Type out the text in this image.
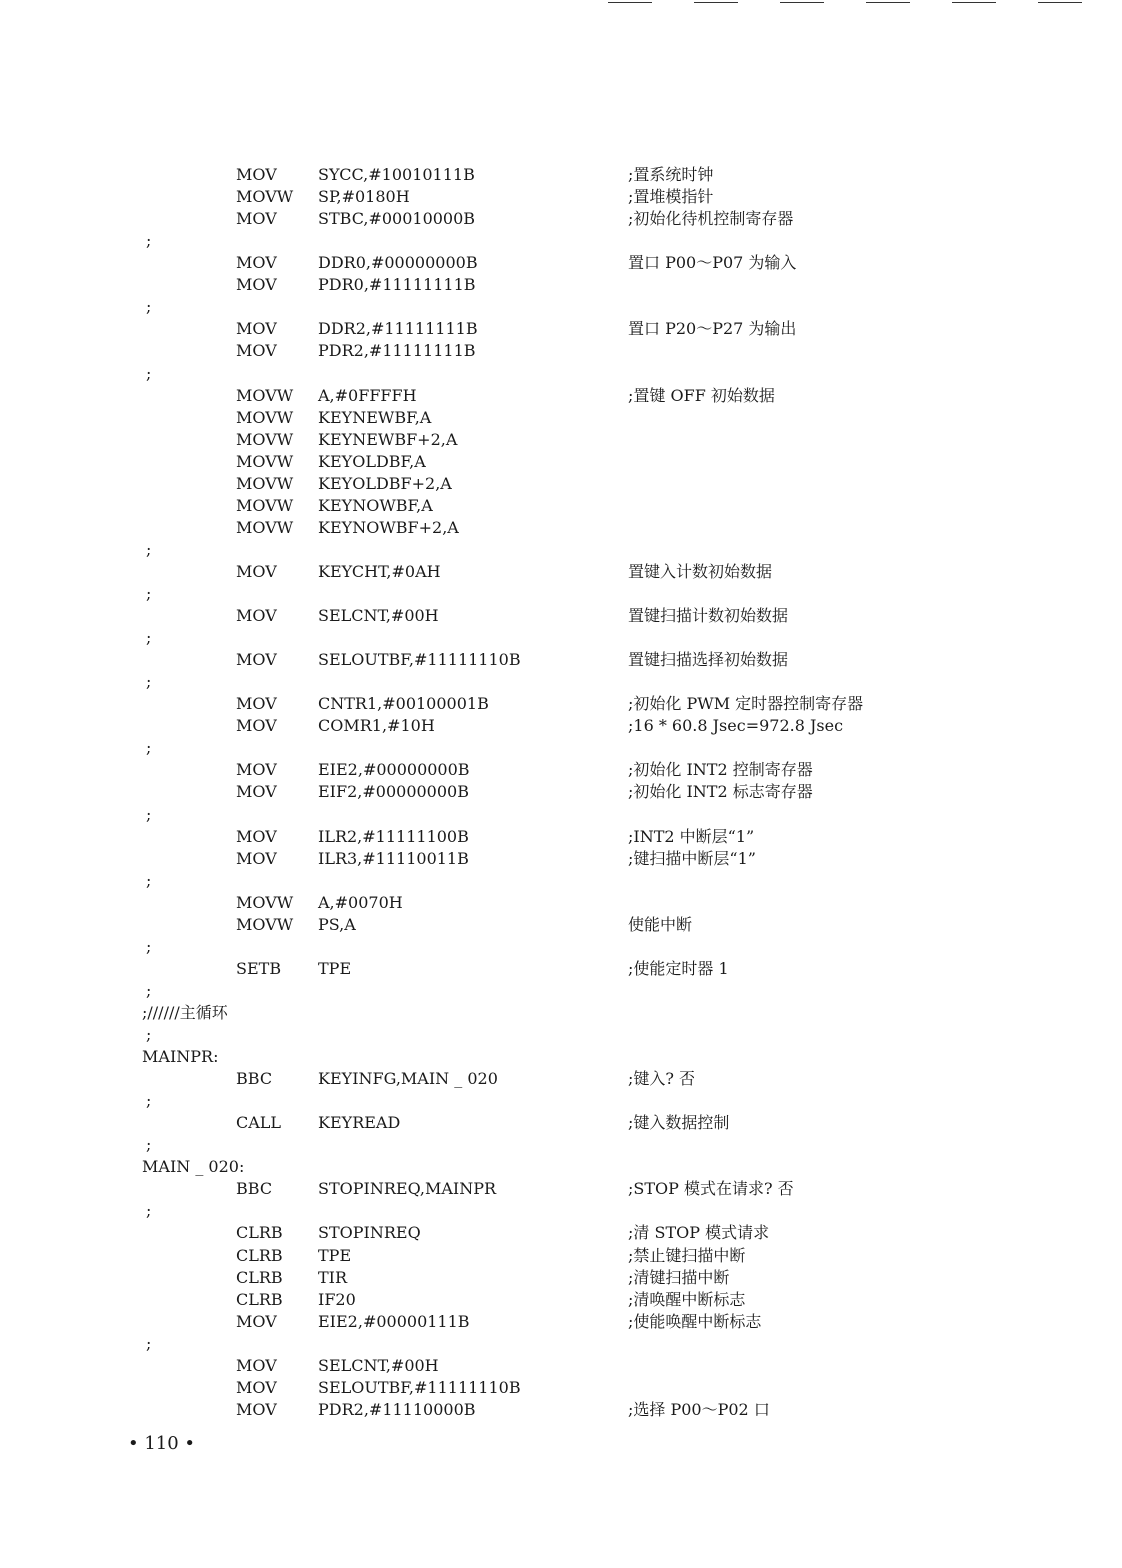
MOV	SYCC,#10010111B	;置系统时钟
MOVW SP,#0180H	;置堆模指针
MOV	STBC,#00010000B	;初始化待机控制寄存器
;
MOV	DDR0,#00000000B	置口 P00～P07 为输入
MOV	PDR0,#11111111B
;
MOV	DDR2,#11111111B	置口 P20～P27 为输出
MOV	PDR2,#11111111B
;
MOVW A,#0FFFFH	;置键 OFF 初始数据
MOVW KEYNEWBF,A
MOVW KEYNEWBF+2,A
MOVW KEYOLDBF,A
MOVW KEYOLDBF+2,A
MOVW KEYNOWBF,A
MOVW KEYNOWBF+2,A
;
MOV	KEYCHT,#0AH	置键入计数初始数据
;
MOV	SELCNT,#00H	置键扫描计数初始数据
;
MOV	SELOUTBF,#11111110B	置键扫描选择初始数据
;
MOV	CNTR1,#00100001B	;初始化 PWM 定时器控制寄存器
MOV	COMR1,#10H	;16 * 60.8 Jsec=972.8 Jsec
;
MOV	EIE2,#00000000B	;初始化 INT2 控制寄存器
MOV	EIF2,#00000000B	;初始化 INT2 标志寄存器
;
MOV	ILR2,#11111100B	;INT2 中断层“1”
MOV	ILR3,#11110011B	;键扫描中断层“1”
;
MOVW A,#0070H
MOVW PS,A	使能中断
;
SETB TPE	;使能定时器 1
;
;//////主循环
;
MAINPR:
BBC	KEYINFG,MAIN _ 020	;键入? 否
;
CALL KEYREAD	;键入数据控制
;
MAIN _ 020:
BBC	STOPINREQ,MAINPR	;STOP 模式在请求? 否
;
CLRB STOPINREQ	;清 STOP 模式请求
CLRB TPE	;禁止键扫描中断
CLRB TIR	;清键扫描中断
CLRB IF20	;清唤醒中断标志
MOV	EIE2,#00000111B	;使能唤醒中断标志
;
MOV	SELCNT,#00H
MOV	SELOUTBF,#11111110B
MOV	PDR2,#11110000B	;选择 P00～P02 口
• 110 •
